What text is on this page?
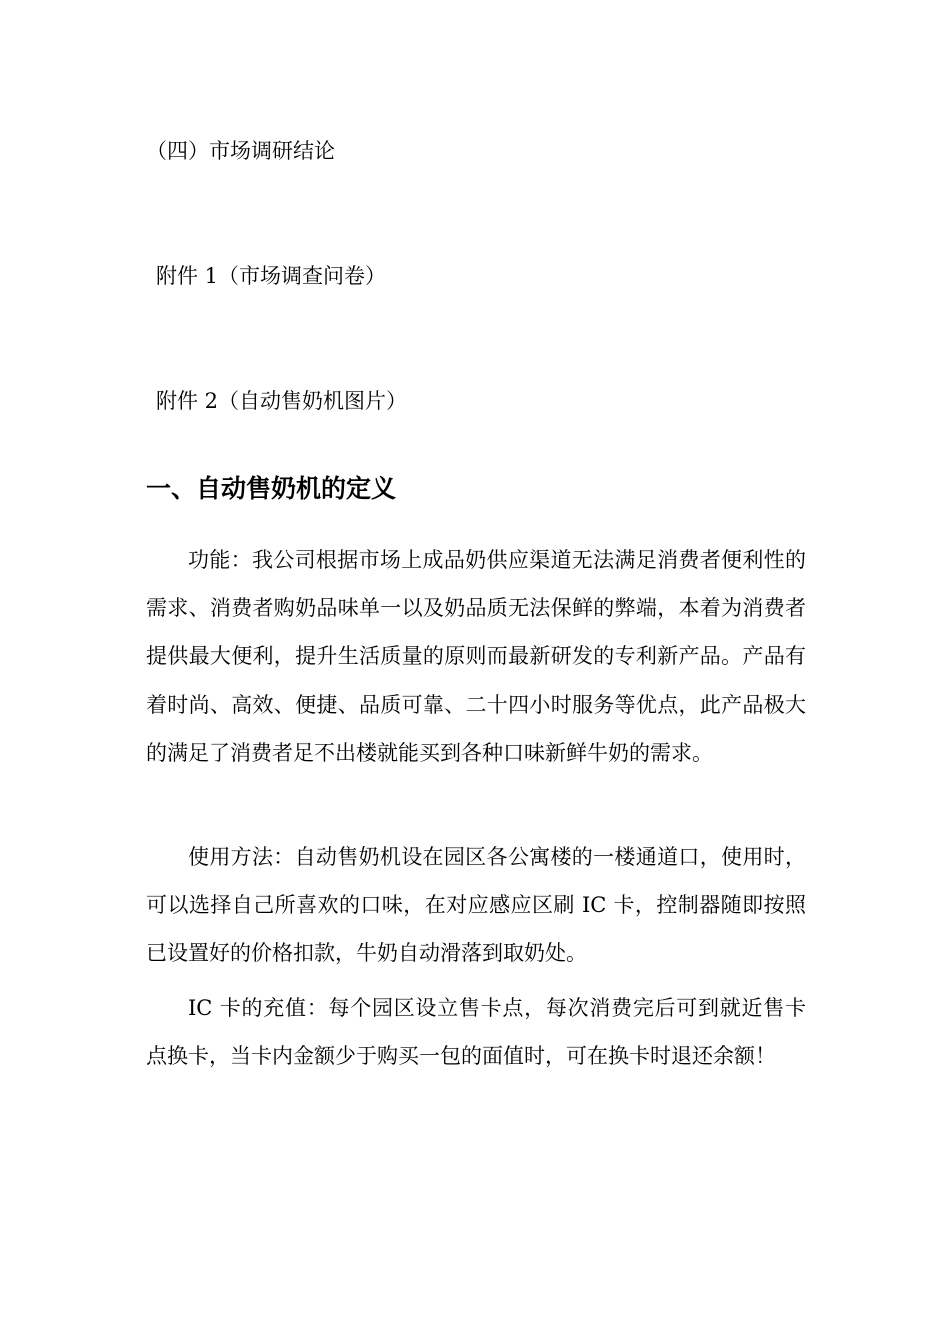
（四）市场调研结论
附件 1（市场调查问卷）
附件 2（自动售奶机图片）
一、自动售奶机的定义

功能：我公司根据市场上成品奶供应渠道无法满足消费者便利性的需求、消费者购奶品味单一以及奶品质无法保鲜的弊端，本着为消费者提供最大便利，提升生活质量的原则而最新研发的专利新产品。产品有着时尚、高效、便捷、品质可靠、二十四小时服务等优点，此产品极大的满足了消费者足不出楼就能买到各种口味新鲜牛奶的需求。

使用方法：自动售奶机设在园区各公寓楼的一楼通道口，使用时，可以选择自己所喜欢的口味，在对应感应区刷 IC 卡，控制器随即按照已设置好的价格扣款，牛奶自动滑落到取奶处。

IC 卡的充值：每个园区设立售卡点，每次消费完后可到就近售卡点换卡，当卡内金额少于购买一包的面值时，可在换卡时退还余额！
